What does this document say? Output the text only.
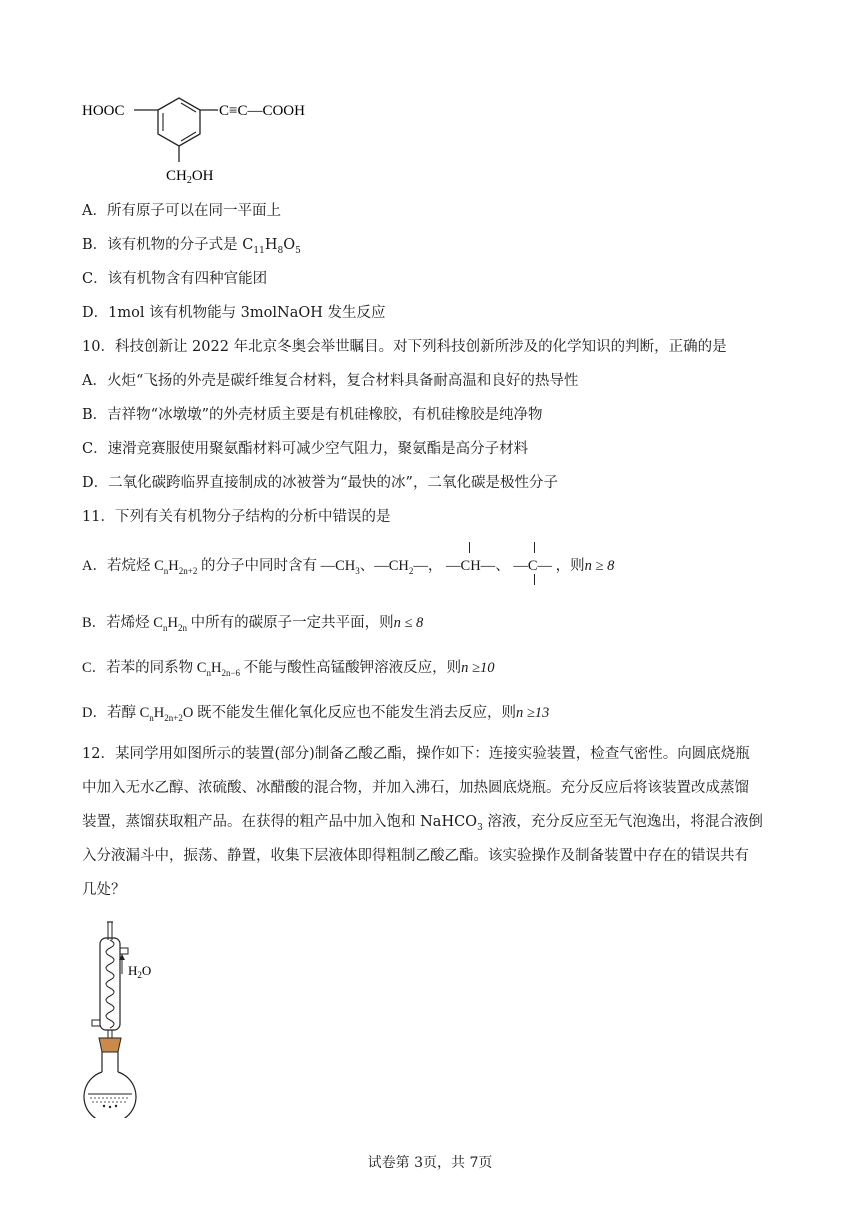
HOOC	C≡C—COOH
$CH_2OH$
A．所有原子可以在同一平面上
B．该有机物的分子式是 $C_{11}H_8O_5$
C．该有机物含有四种官能团
D．1mol 该有机物能与 3molNaOH 发生反应
10．科技创新让 2022 年北京冬奥会举世瞩目。对下列科技创新所涉及的化学知识的判断，正确的是
A．火炬“飞扬的外壳是碳纤维复合材料，复合材料具备耐高温和良好的热导性
B．吉祥物“冰墩墩”的外壳材质主要是有机硅橡胶，有机硅橡胶是纯净物
C．速滑竞赛服使用聚氨酯材料可减少空气阻力，聚氨酯是高分子材料
D．二氧化碳跨临界直接制成的冰被誉为“最快的冰”，二氧化碳是极性分子
11．下列有关有机物分子结构的分析中错误的是
A．若烷烃 $C_nH_{2n+2}$ 的分子中同时含有 $—CH_3$、$—CH_2—$，
—CH—、
—C— ，则n ≥ 8
B．若烯烃 $C_nH_{2n}$ 中所有的碳原子一定共平面，则n ≤ 8
C．若苯的同系物 $C_nH_{2n-6}$ 不能与酸性高锰酸钾溶液反应，则n ≥10
D．若醇 $C_nH_{2n+2}O$ 既不能发生催化氧化反应也不能发生消去反应，则n ≥13
12．某同学用如图所示的装置(部分)制备乙酸乙酯，操作如下：连接实验装置，检查气密性。向圆底烧瓶
中加入无水乙醇、浓硫酸、冰醋酸的混合物，并加入沸石，加热圆底烧瓶。充分反应后将该装置改成蒸馏
装置，蒸馏获取粗产品。在获得的粗产品中加入饱和 NaHCO$_3$ 溶液，充分反应至无气泡逸出，将混合液倒
入分液漏斗中，振荡、静置，收集下层液体即得粗制乙酸乙酯。该实验操作及制备装置中存在的错误共有
几处？
$H_2O$
试卷第 3页，共 7页
